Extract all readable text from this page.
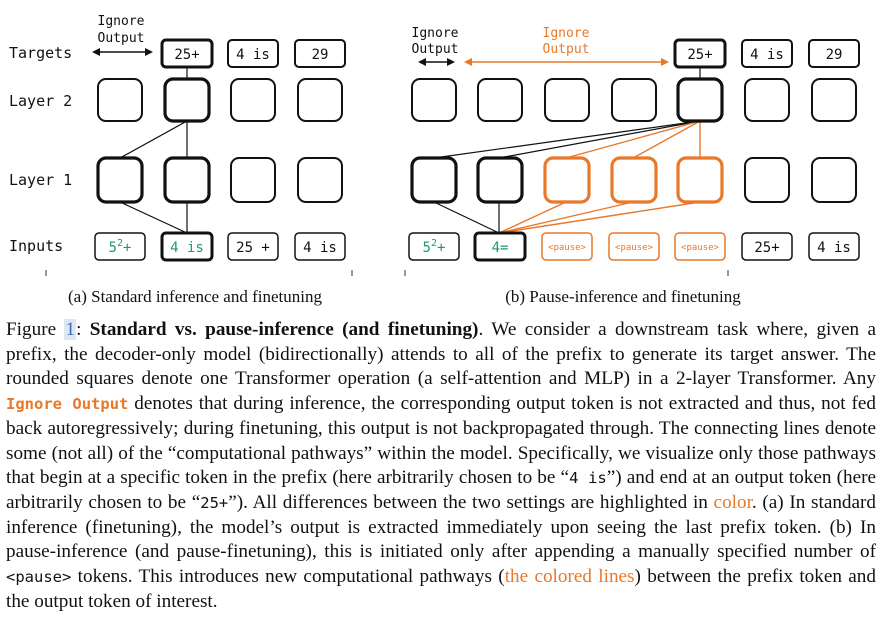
Targets
Layer 2
Layer 1
Inputs
Ignore
Output
25+	4 is	29
$5^2+$	4 is 25 + 4 is
(a) Standard inference and finetuning
Ignore
Output
Ignore
Output	25+	4 is	29
$5^2+$	4=	<pause>	<pause>	<pause>	25+	4 is
(b) Pause-inference and finetuning

Figure 1: Standard vs. pause-inference (and finetuning). We consider a downstream task where, given a prefix, the decoder-only model (bidirectionally) attends to all of the prefix to generate its target answer. The rounded squares denote one Transformer operation (a self-attention and MLP) in a 2-layer Transformer. Any Ignore Output denotes that during inference, the corresponding output token is not extracted and thus, not fed back autoregressively; during finetuning, this output is not backpropagated through. The connecting lines denote some (not all) of the “computational pathways” within the model. Specifically, we visualize only those pathways that begin at a specific token in the prefix (here arbitrarily chosen to be “4 is”) and end at an output token (here arbitrarily chosen to be “25+”). All differences between the two settings are highlighted in color. (a) In standard inference (finetuning), the model’s output is extracted immediately upon seeing the last prefix token. (b) In pause-inference (and pause-finetuning), this is initiated only after appending a manually specified number of <pause> tokens. This introduces new computational pathways (the colored lines) between the prefix token and the output token of interest.
